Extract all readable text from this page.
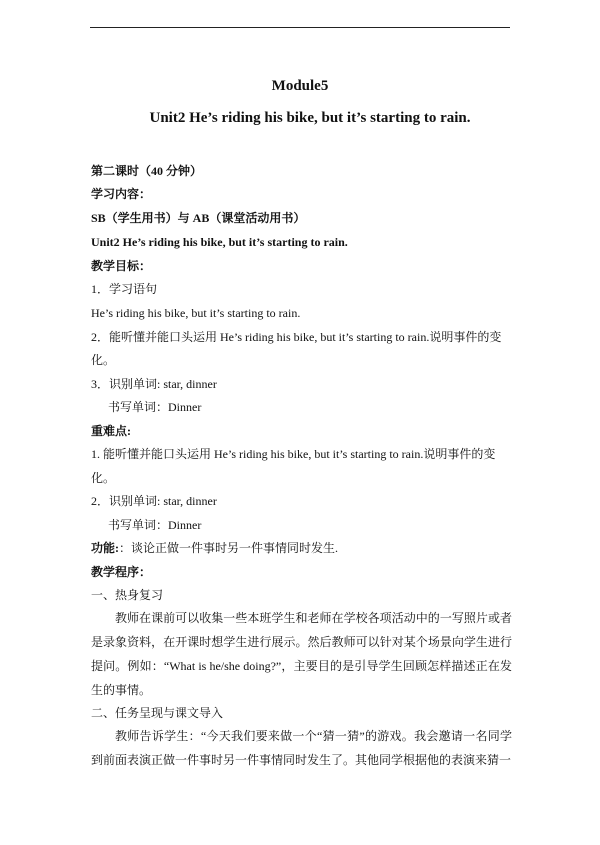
Module5
Unit2 He’s riding his bike, but it’s starting to rain.
第二课时（40 分钟）
学习内容：
SB（学生用书）与 AB（课堂活动用书）
Unit2 He’s riding his bike, but it’s starting to rain.
教学目标：
1．学习语句
He’s riding his bike, but it’s starting to rain.
2．能听懂并能口头运用 He’s riding his bike, but it’s starting to rain.说明事件的变
化。
3．识别单词: star, dinner
书写单词：Dinner
重难点:
1. 能听懂并能口头运用 He’s riding his bike, but it’s starting to rain.说明事件的变
化。
2．识别单词: star, dinner
书写单词：Dinner
功能:：谈论正做一件事时另一件事情同时发生.
教学程序：
一、热身复习

教师在课前可以收集一些本班学生和老师在学校各项活动中的一写照片或者是录象资料，在开课时想学生进行展示。然后教师可以针对某个场景向学生进行提问。例如：“What is he/she doing?”，主要目的是引导学生回顾怎样描述正在发生的事情。

二、任务呈现与课文导入

教师告诉学生：“今天我们要来做一个“猜一猜”的游戏。我会邀请一名同学到前面表演正做一件事时另一件事情同时发生了。其他同学根据他的表演来猜一
